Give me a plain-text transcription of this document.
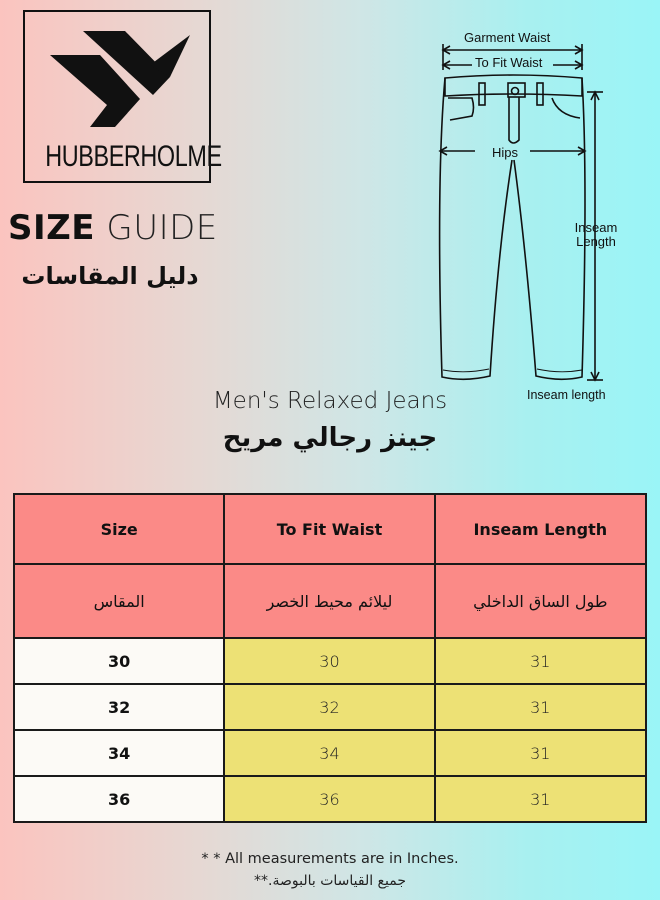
HUBBERHOLME
SIZE GUIDE
دليل المقاسات
Garment Waist
To Fit Waist
Hips
Inseam
Length
Inseam length
Men's Relaxed Jeans
جينز رجالي مريح
Size	To Fit Waist	Inseam Length
المقاس	ليلائم محيط الخصر	طول الساق الداخلي
30	30	31
32	32	31
34	34	31
36	36	31
* * All measurements are in Inches.
جميع القياسات بالبوصة.**
